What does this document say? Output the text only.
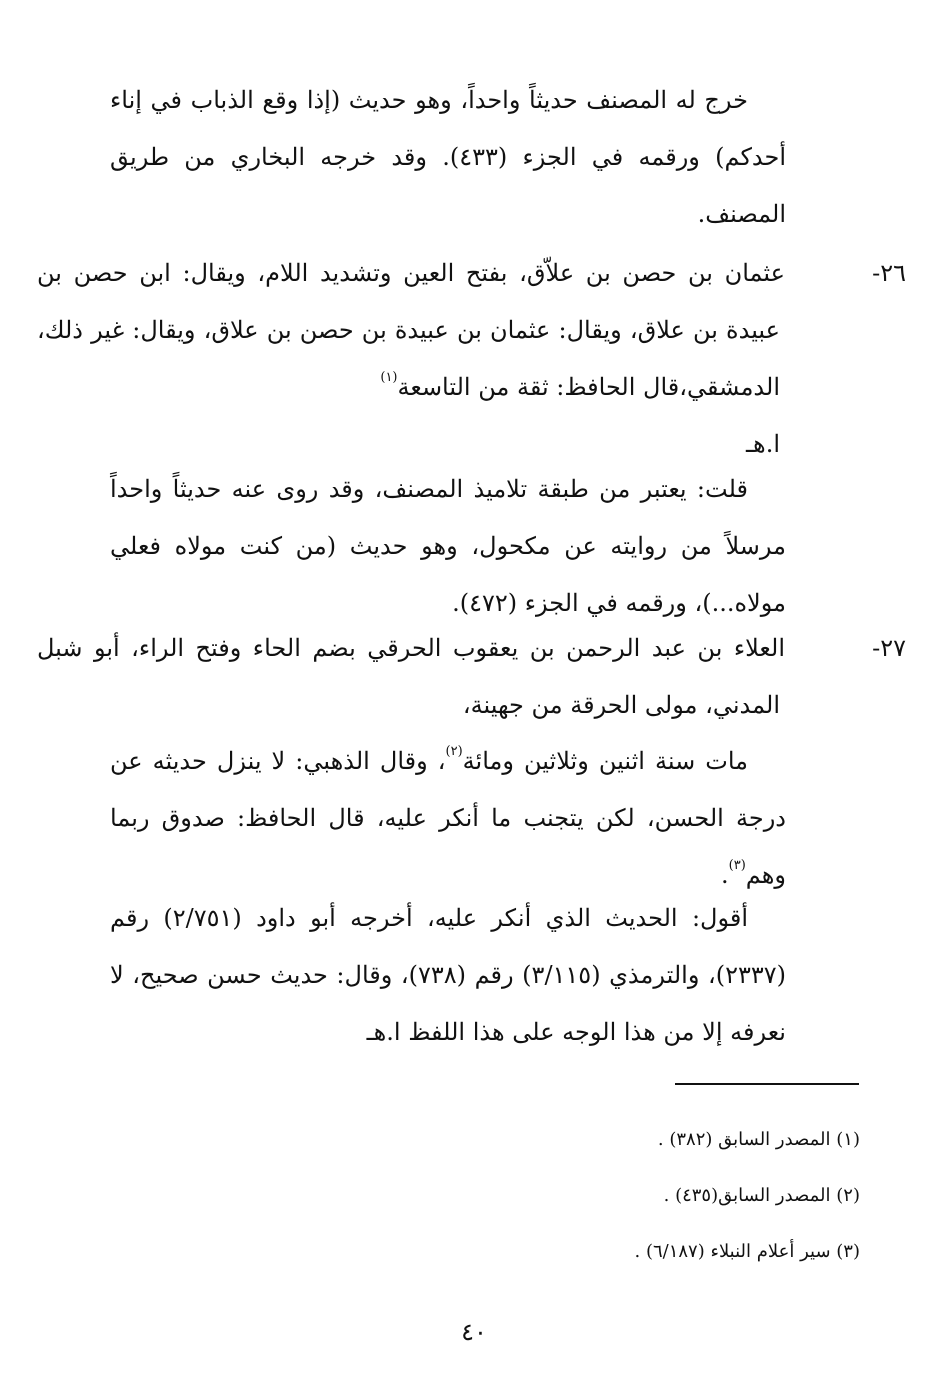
خرج له المصنف حديثاً واحداً، وهو حديث (إذا وقع الذباب في إناء أحدكم) ورقمه في الجزء (٤٣٣). وقد خرجه البخاري من طريق المصنف.
٢٦-عثمان بن حصن بن علاّق، بفتح العين وتشديد اللام، ويقال: ابن حصن بن عبيدة بن علاق، ويقال: عثمان بن عبيدة بن حصن بن علاق، ويقال: غير ذلك، الدمشقي،قال الحافظ: ثقة من التاسعة$^{(١)}$
ا.هـ
قلت: يعتبر من طبقة تلاميذ المصنف، وقد روى عنه حديثاً واحداً مرسلاً من روايته عن مكحول، وهو حديث (من كنت مولاه فعلي مولاه...)، ورقمه في الجزء (٤٧٢).
٢٧-العلاء بن عبد الرحمن بن يعقوب الحرقي بضم الحاء وفتح الراء، أبو شبل المدني، مولى الحرقة من جهينة،
مات سنة اثنين وثلاثين ومائة$^{(٢)}$، وقال الذهبي: لا ينزل حديثه عن درجة الحسن، لكن يتجنب ما أنكر عليه، قال الحافظ: صدوق ربما وهم$^{(٣)}$.
أقول: الحديث الذي أنكر عليه، أخرجه أبو داود (٢/٧٥١) رقم (٢٣٣٧)، والترمذي (٣/١١٥) رقم (٧٣٨)، وقال: حديث حسن صحيح، لا نعرفه إلا من هذا الوجه على هذا اللفظ ا.هـ
(١) المصدر السابق (٣٨٢) .
(٢) المصدر السابق(٤٣٥) .
(٣) سير أعلام النبلاء (٦/١٨٧) .
٤٠
